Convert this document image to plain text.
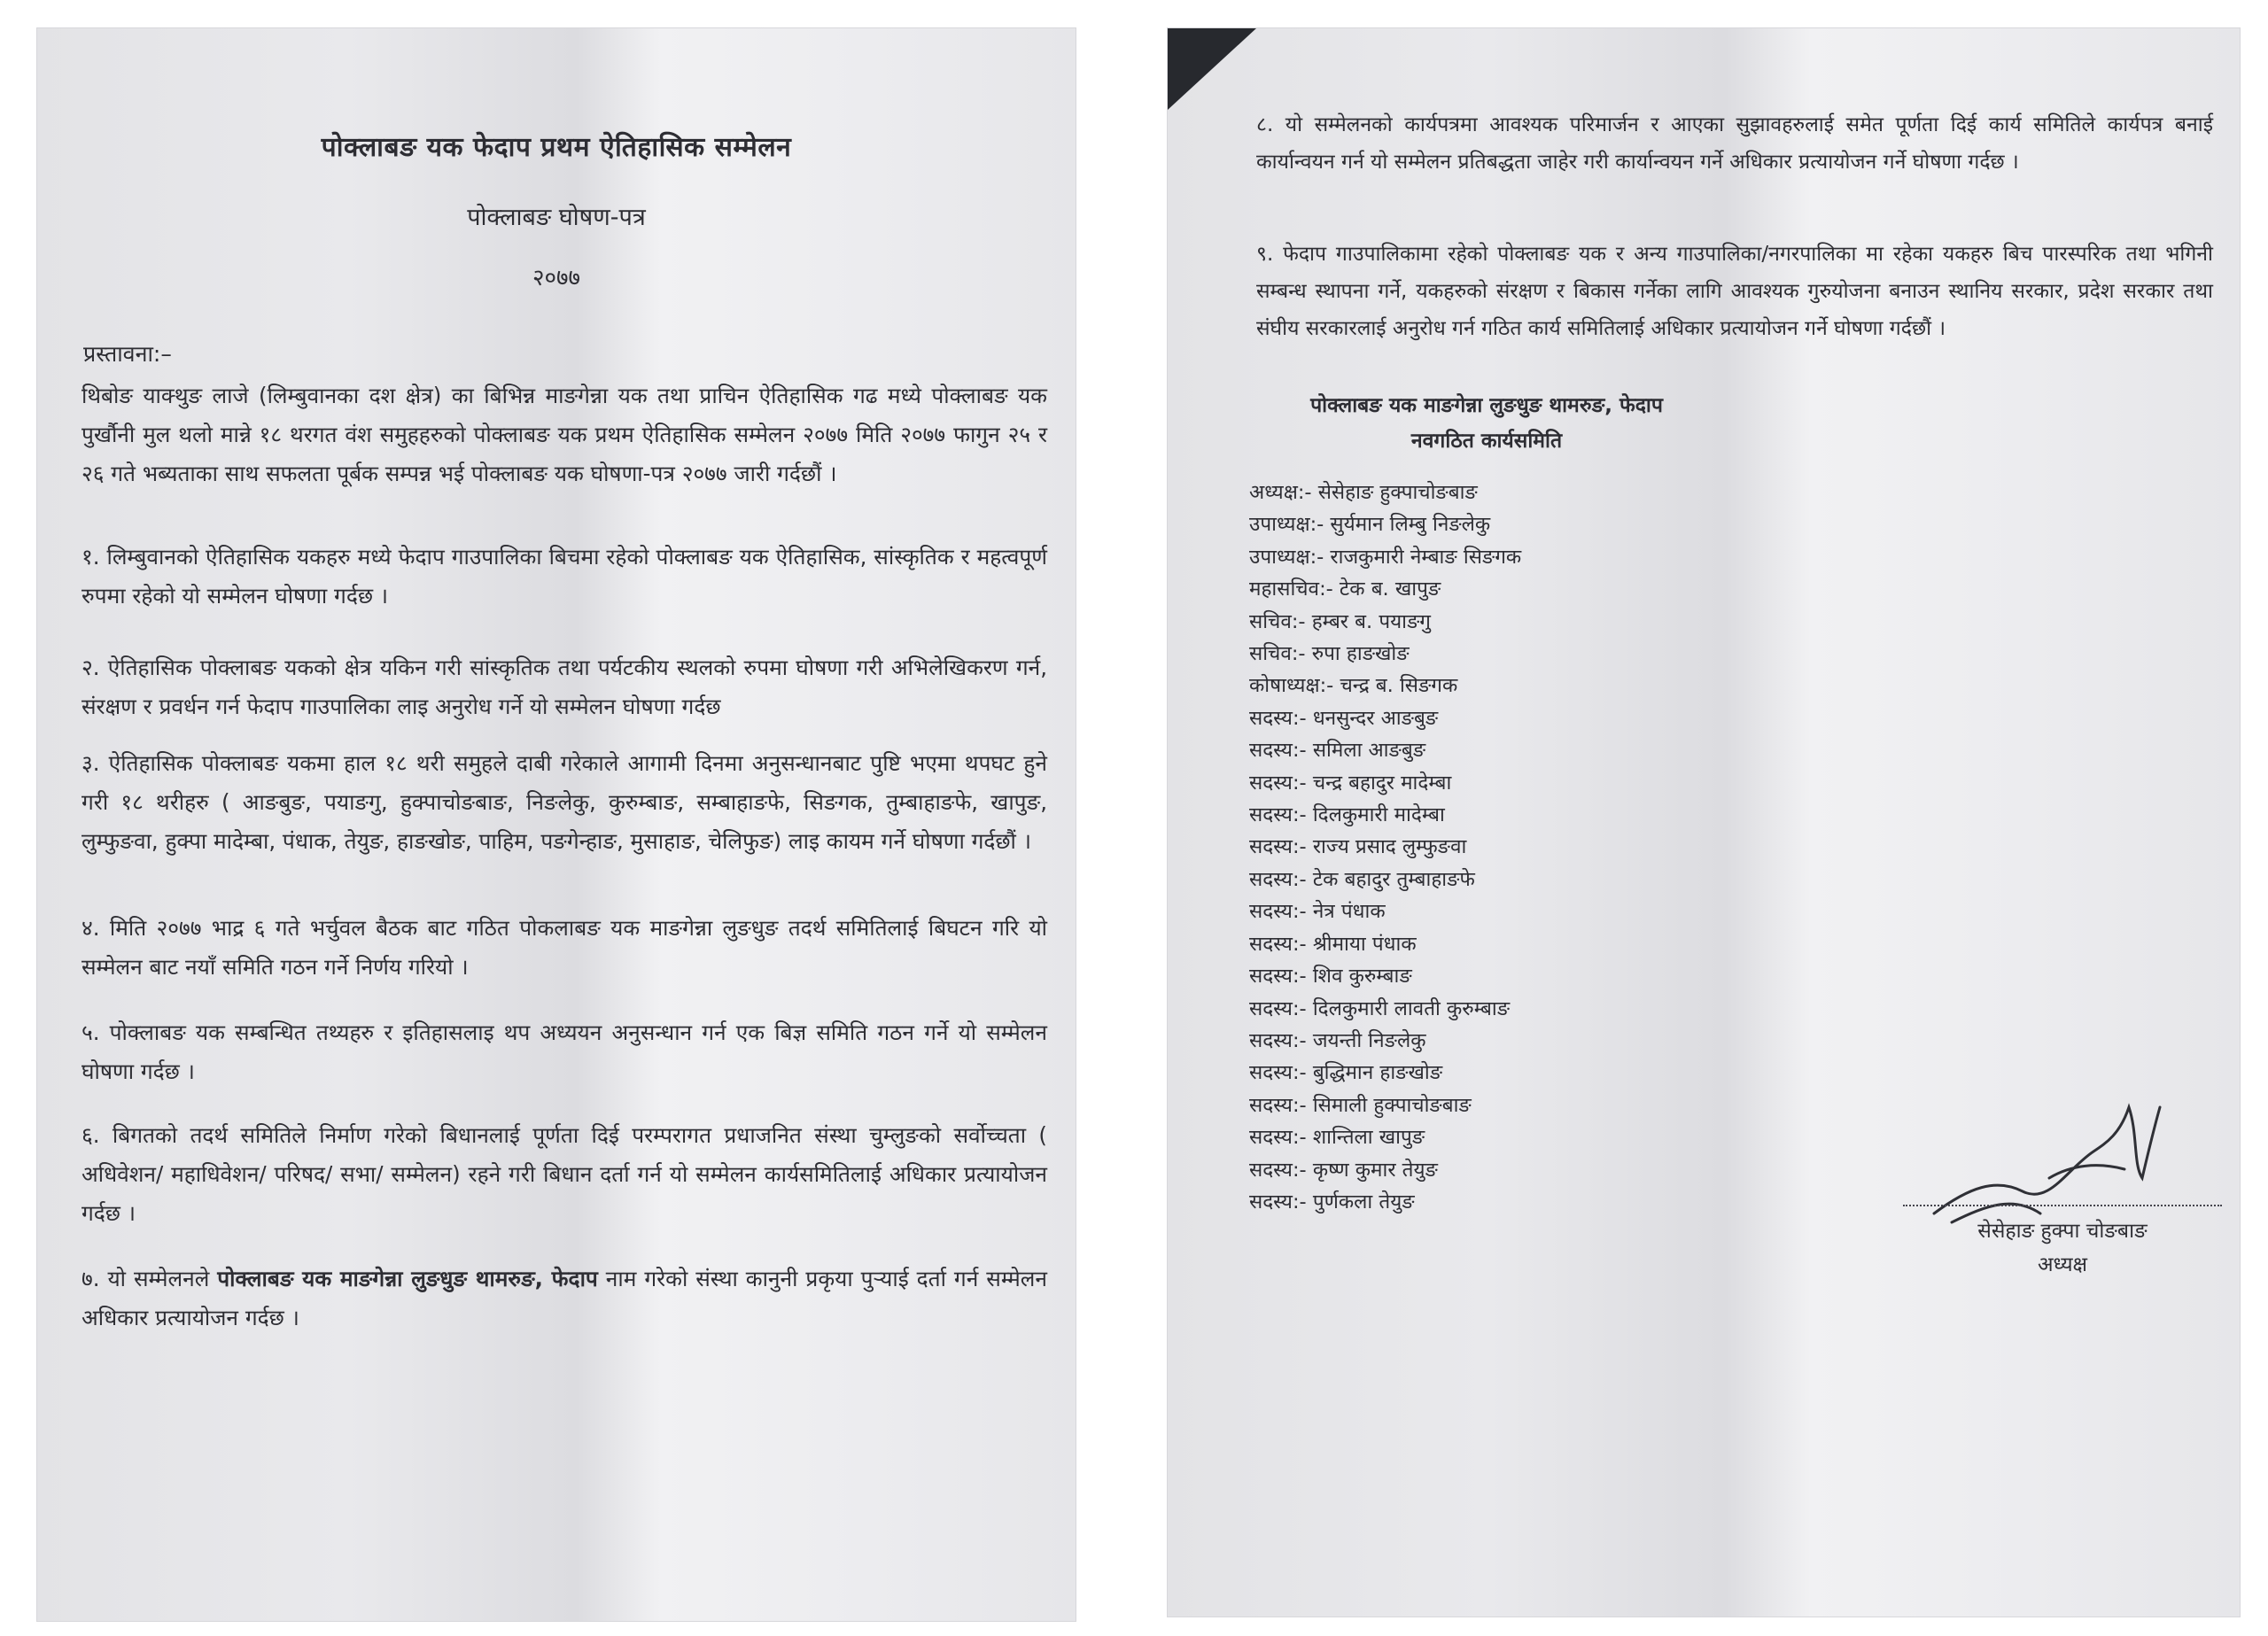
पोक्लाबङ यक फेदाप प्रथम ऐतिहासिक सम्मेलन
पोक्लाबङ घोषण-पत्र
२०७७
प्रस्तावना:–
थिबोङ याक्थुङ लाजे (लिम्बुवानका दश क्षेत्र) का बिभिन्न माङगेन्ना यक तथा प्राचिन ऐतिहासिक गढ मध्ये पोक्लाबङ यक पुर्खौनी मुल थलो मान्ने १८ थरगत वंश समुहहरुको पोक्लाबङ यक प्रथम ऐतिहासिक सम्मेलन २०७७ मिति २०७७ फागुन २५ र २६ गते भब्यताका साथ सफलता पूर्बक सम्पन्न भई पोक्लाबङ यक घोषणा-पत्र २०७७ जारी गर्दछौं ।
१. लिम्बुवानको ऐतिहासिक यकहरु मध्ये फेदाप गाउपालिका बिचमा रहेको पोक्लाबङ यक ऐतिहासिक, सांस्कृतिक र महत्वपूर्ण रुपमा रहेको यो सम्मेलन घोषणा गर्दछ ।
२. ऐतिहासिक पोक्लाबङ यकको क्षेत्र यकिन गरी सांस्कृतिक तथा पर्यटकीय स्थलको रुपमा घोषणा गरी अभिलेखिकरण गर्न, संरक्षण र प्रवर्धन गर्न फेदाप गाउपालिका लाइ अनुरोध गर्ने यो सम्मेलन घोषणा गर्दछ
३. ऐतिहासिक पोक्लाबङ यकमा हाल १८ थरी समुहले दाबी गरेकाले आगामी दिनमा अनुसन्धानबाट पुष्टि भएमा थपघट हुने गरी १८ थरीहरु ( आङबुङ, पयाङगु, हुक्पाचोङबाङ, निङलेकु, कुरुम्बाङ, सम्बाहाङफे, सिङगक, तुम्बाहाङफे, खापुङ, लुम्फुङवा, हुक्पा मादेम्बा, पंधाक, तेयुङ, हाङखोङ, पाहिम, पङगेन्हाङ, मुसाहाङ, चेलिफुङ) लाइ कायम गर्ने घोषणा गर्दछौं ।
४. मिति २०७७ भाद्र ६ गते भर्चुवल बैठक बाट गठित पोकलाबङ यक माङगेन्ना लुङधुङ तदर्थ समितिलाई बिघटन गरि यो सम्मेलन बाट नयाँ समिति गठन गर्ने निर्णय गरियो ।
५. पोक्लाबङ यक सम्बन्धित तथ्यहरु र इतिहासलाइ थप अध्ययन अनुसन्धान गर्न एक बिज्ञ समिति गठन गर्ने यो सम्मेलन घोषणा गर्दछ ।
६. बिगतको तदर्थ समितिले निर्माण गरेको बिधानलाई पूर्णता दिई परम्परागत प्रधाजनित संस्था चुम्लुङको सर्वोच्चता ( अधिवेशन/ महाधिवेशन/ परिषद/ सभा/ सम्मेलन) रहने गरी बिधान दर्ता गर्न यो सम्मेलन कार्यसमितिलाई अधिकार प्रत्यायोजन गर्दछ ।
७. यो सम्मेलनले पोक्लाबङ यक माङगेन्ना लुङधुङ थामरुङ, फेदाप नाम गरेको संस्था कानुनी प्रकृया पुर्‍याई दर्ता गर्न सम्मेलन अधिकार प्रत्यायोजन गर्दछ ।
८. यो सम्मेलनको कार्यपत्रमा आवश्यक परिमार्जन र आएका सुझावहरुलाई समेत पूर्णता दिई कार्य समितिले कार्यपत्र बनाई कार्यान्वयन गर्न यो सम्मेलन प्रतिबद्धता जाहेर गरी कार्यान्वयन गर्ने अधिकार प्रत्यायोजन गर्ने घोषणा गर्दछ ।
९. फेदाप गाउपालिकामा रहेको पोक्लाबङ यक र अन्य गाउपालिका/नगरपालिका मा रहेका यकहरु बिच पारस्परिक तथा भगिनी सम्बन्ध स्थापना गर्ने, यकहरुको संरक्षण र बिकास गर्नेका लागि आवश्यक गुरुयोजना बनाउन स्थानिय सरकार, प्रदेश सरकार तथा संघीय सरकारलाई अनुरोध गर्न गठित कार्य समितिलाई अधिकार प्रत्यायोजन गर्ने घोषणा गर्दछौं ।
पोक्लाबङ यक माङगेन्ना लुङधुङ थामरुङ, फेदाप
नवगठित कार्यसमिति
अध्यक्ष:- सेसेहाङ हुक्पाचोङबाङ
उपाध्यक्ष:- सुर्यमान लिम्बु निङलेकु
उपाध्यक्ष:- राजकुमारी नेम्बाङ सिङगक
महासचिव:- टेक ब. खापुङ
सचिव:- हम्बर ब. पयाङगु
सचिव:- रुपा हाङखोङ
कोषाध्यक्ष:- चन्द्र ब. सिङगक
सदस्य:- धनसुन्दर आङबुङ
सदस्य:- समिला आङबुङ
सदस्य:- चन्द्र बहादुर मादेम्बा
सदस्य:- दिलकुमारी मादेम्बा
सदस्य:- राज्य प्रसाद लुम्फुङवा
सदस्य:- टेक बहादुर तुम्बाहाङफे
सदस्य:- नेत्र पंधाक
सदस्य:- श्रीमाया पंधाक
सदस्य:- शिव कुरुम्बाङ
सदस्य:- दिलकुमारी लावती कुरुम्बाङ
सदस्य:- जयन्ती निङलेकु
सदस्य:- बुद्धिमान हाङखोङ
सदस्य:- सिमाली हुक्पाचोङबाङ
सदस्य:- शान्तिला खापुङ
सदस्य:- कृष्ण कुमार तेयुङ
सदस्य:- पुर्णकला तेयुङ
सेसेहाङ हुक्पा चोङबाङ
अध्यक्ष
